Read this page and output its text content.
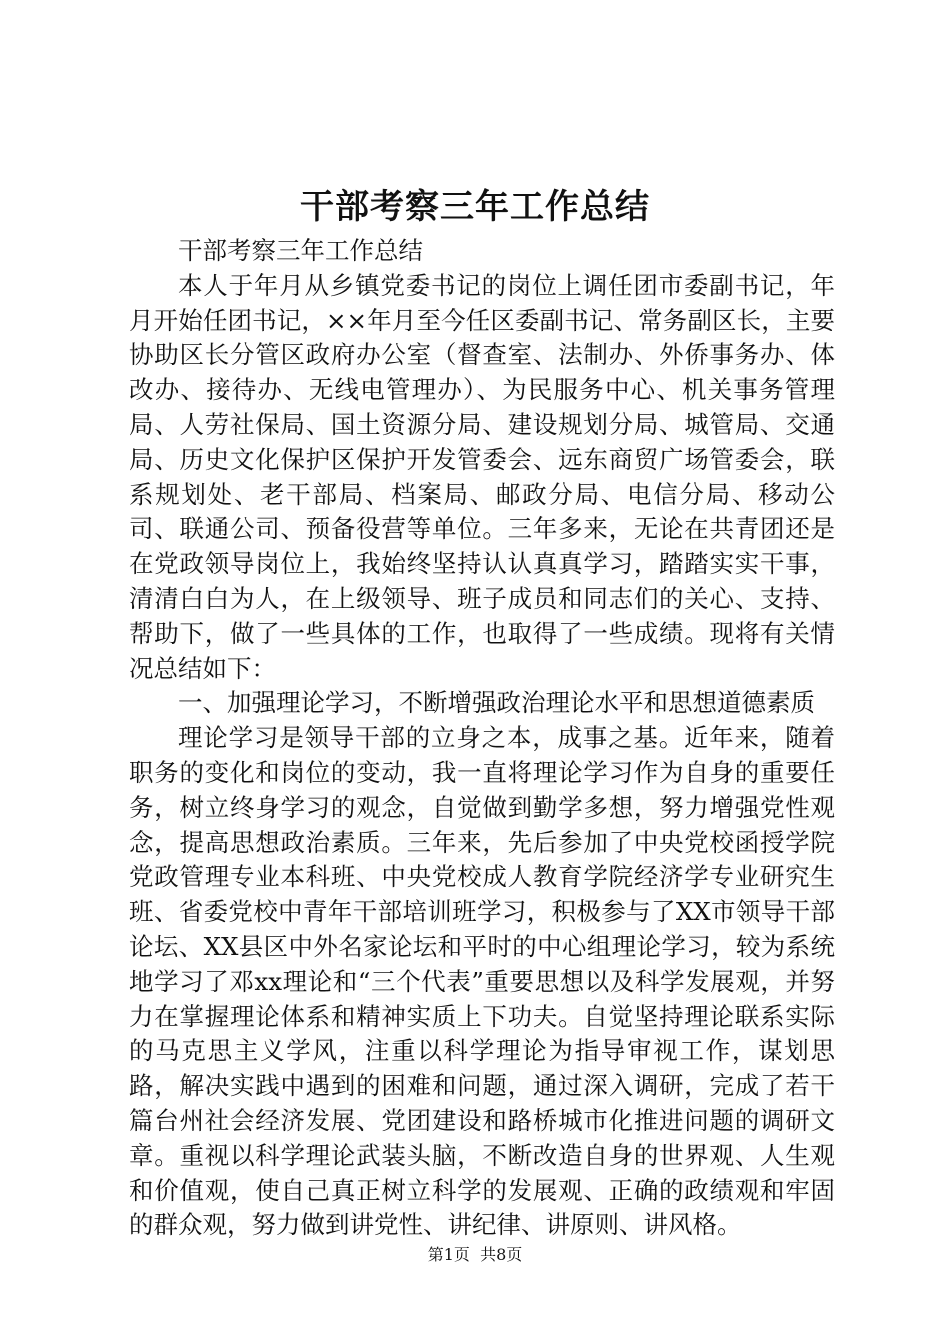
干部考察三年工作总结

干部考察三年工作总结

本人于年月从乡镇党委书记的岗位上调任团市委副书记，年月开始任团书记，××年月至今任区委副书记、常务副区长，主要协助区长分管区政府办公室（督查室、法制办、外侨事务办、体改办、接待办、无线电管理办）、为民服务中心、机关事务管理局、人劳社保局、国土资源分局、建设规划分局、城管局、交通局、历史文化保护区保护开发管委会、远东商贸广场管委会，联系规划处、老干部局、档案局、邮政分局、电信分局、移动公司、联通公司、预备役营等单位。三年多来，无论在共青团还是在党政领导岗位上，我始终坚持认认真真学习，踏踏实实干事，清清白白为人，在上级领导、班子成员和同志们的关心、支持、帮助下，做了一些具体的工作，也取得了一些成绩。现将有关情况总结如下：

一、加强理论学习，不断增强政治理论水平和思想道德素质

理论学习是领导干部的立身之本，成事之基。近年来，随着职务的变化和岗位的变动，我一直将理论学习作为自身的重要任务，树立终身学习的观念，自觉做到勤学多想，努力增强党性观念，提高思想政治素质。三年来，先后参加了中央党校函授学院党政管理专业本科班、中央党校成人教育学院经济学专业研究生班、省委党校中青年干部培训班学习，积极参与了XX市领导干部论坛、XX县区中外名家论坛和平时的中心组理论学习，较为系统地学习了邓xx理论和“三个代表”重要思想以及科学发展观，并努力在掌握理论体系和精神实质上下功夫。自觉坚持理论联系实际的马克思主义学风，注重以科学理论为指导审视工作，谋划思路，解决实践中遇到的困难和问题，通过深入调研，完成了若干篇台州社会经济发展、党团建设和路桥城市化推进问题的调研文章。重视以科学理论武装头脑，不断改造自身的世界观、人生观和价值观，使自己真正树立科学的发展观、正确的政绩观和牢固的群众观，努力做到讲党性、讲纪律、讲原则、讲风格。

第1页 共8页
